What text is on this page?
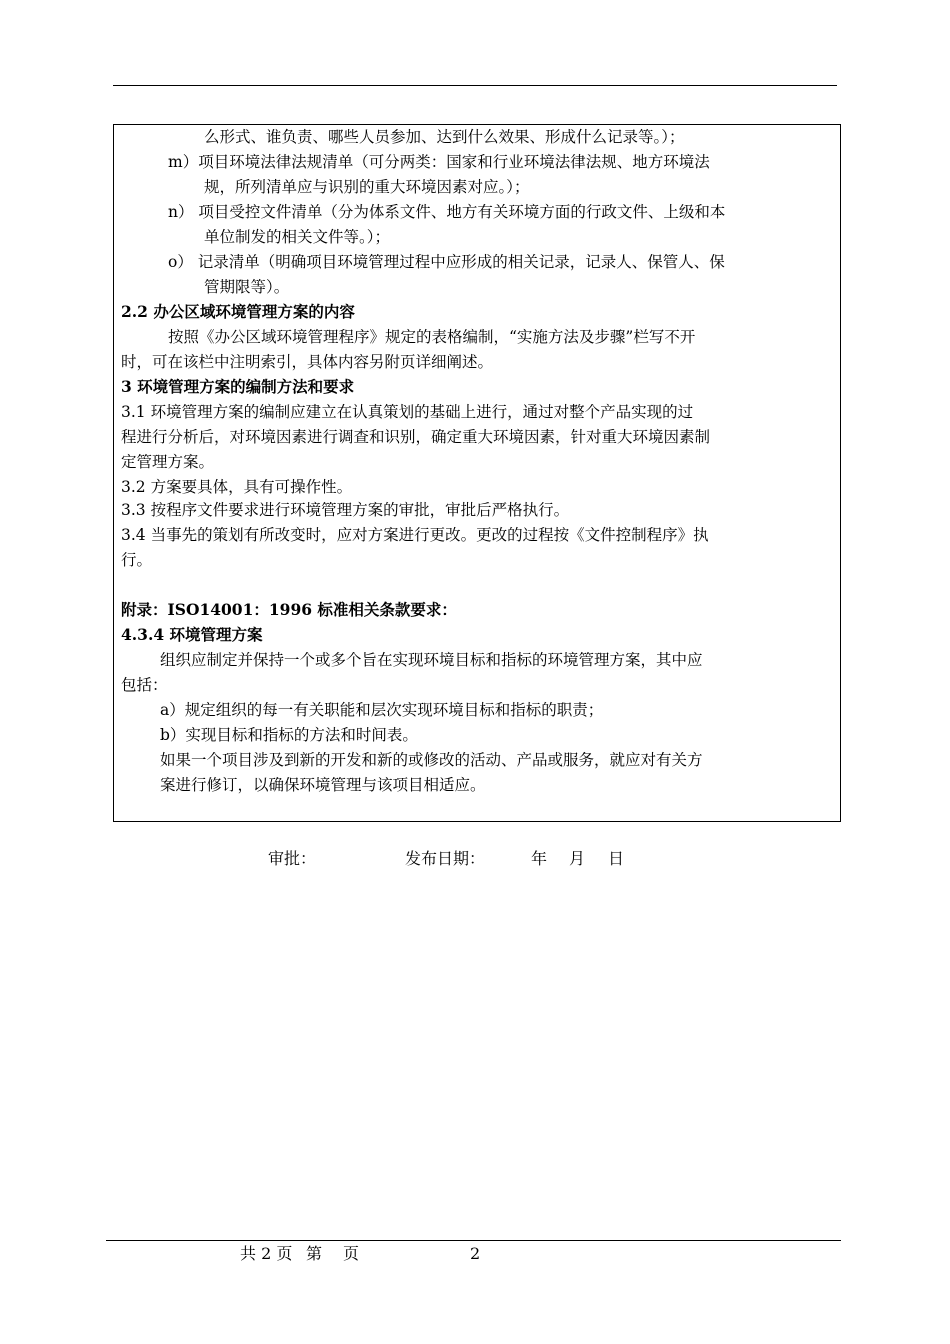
么形式、谁负责、哪些人员参加、达到什么效果、形成什么记录等。）；
m）项目环境法律法规清单（可分两类：国家和行业环境法律法规、地方环境法
规，所列清单应与识别的重大环境因素对应。）；
n） 项目受控文件清单（分为体系文件、地方有关环境方面的行政文件、上级和本
单位制发的相关文件等。）；
o） 记录清单（明确项目环境管理过程中应形成的相关记录，记录人、保管人、保
管期限等）。
2.2 办公区域环境管理方案的内容
按照《办公区域环境管理程序》规定的表格编制，“实施方法及步骤”栏写不开
时，可在该栏中注明索引，具体内容另附页详细阐述。
3 环境管理方案的编制方法和要求
3.1 环境管理方案的编制应建立在认真策划的基础上进行，通过对整个产品实现的过
程进行分析后，对环境因素进行调查和识别，确定重大环境因素，针对重大环境因素制
定管理方案。
3.2 方案要具体，具有可操作性。
3.3 按程序文件要求进行环境管理方案的审批，审批后严格执行。
3.4 当事先的策划有所改变时，应对方案进行更改。更改的过程按《文件控制程序》执
行。
附录：ISO14001：1996 标准相关条款要求：
4.3.4 环境管理方案
组织应制定并保持一个或多个旨在实现环境目标和指标的环境管理方案，其中应
包括：
a）规定组织的每一有关职能和层次实现环境目标和指标的职责；
b）实现目标和指标的方法和时间表。
如果一个项目涉及到新的开发和新的或修改的活动、产品或服务，就应对有关方
案进行修订，以确保环境管理与该项目相适应。
审批：	发布日期：	年 月 日
共 2 页 第 页	2
